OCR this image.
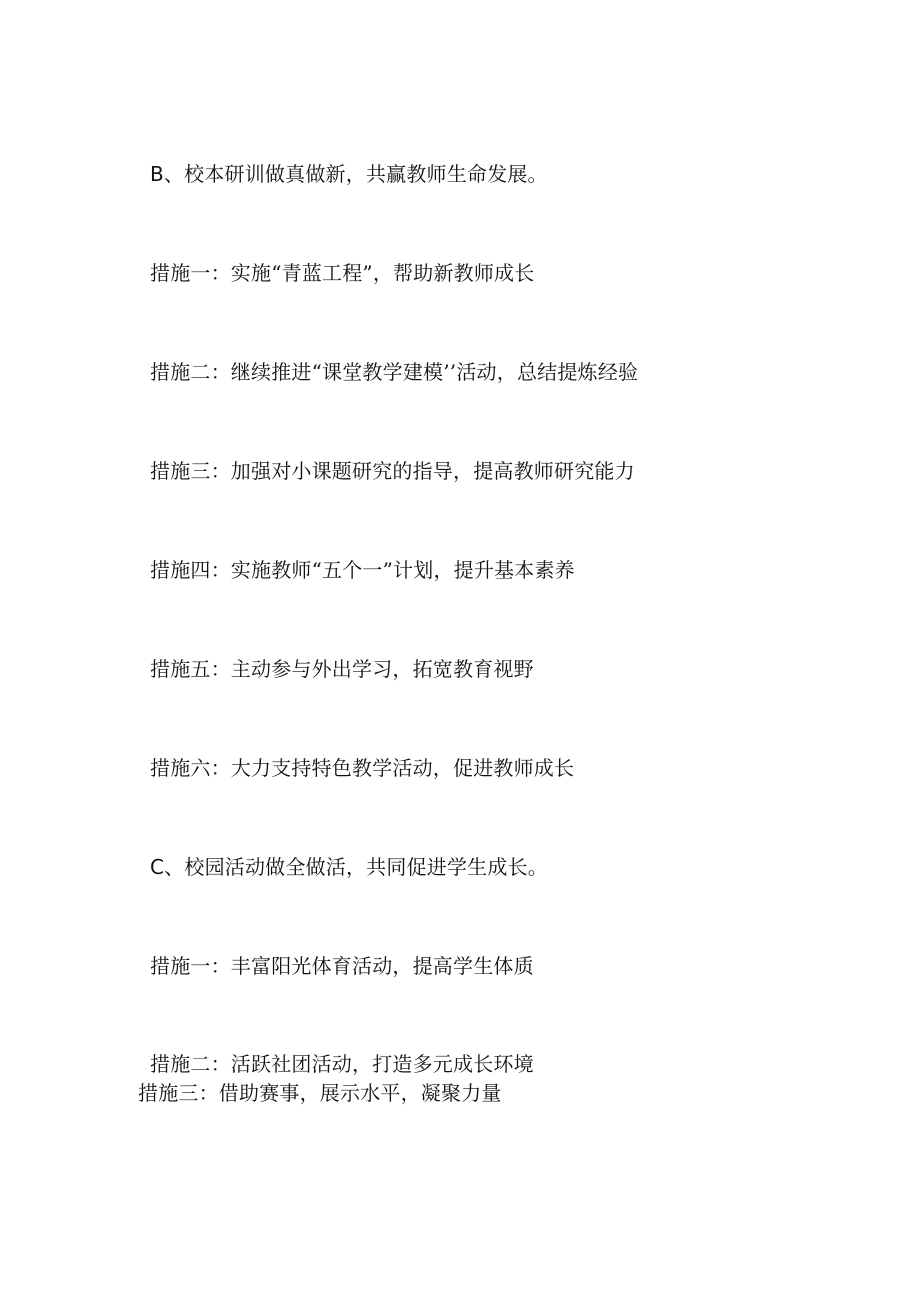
B、校本研训做真做新，共赢教师生命发展。

措施一：实施“青蓝工程”，帮助新教师成长

措施二：继续推进“课堂教学建模’’活动，总结提炼经验

措施三：加强对小课题研究的指导，提高教师研究能力

措施四：实施教师“五个一”计划，提升基本素养

措施五：主动参与外出学习，拓宽教育视野

措施六：大力支持特色教学活动，促进教师成长

C、校园活动做全做活，共同促进学生成长。

措施一：丰富阳光体育活动，提高学生体质

措施二：活跃社团活动，打造多元成长环境

措施三：借助赛事，展示水平，凝聚力量
